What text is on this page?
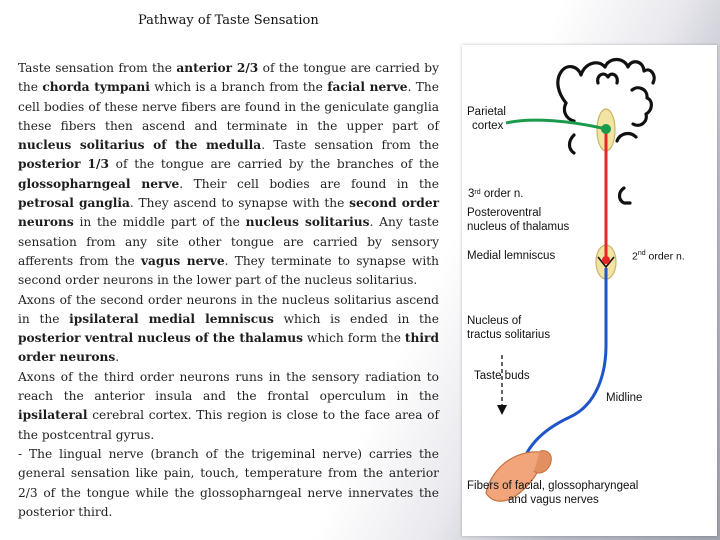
Pathway of Taste Sensation

Taste sensation from the anterior 2/3 of the tongue are carried by the chorda tympani which is a branch from the facial nerve. The cell bodies of these nerve fibers are found in the geniculate ganglia these fibers then ascend and terminate in the upper part of nucleus solitarius of the medulla. Taste sensation from the posterior 1/3 of the tongue are carried by the branches of the glossopharngeal nerve. Their cell bodies are found in the petrosal ganglia. They ascend to synapse with the second order neurons in the middle part of the nucleus solitarius. Any taste sensation from any site other tongue are carried by sensory afferents from the vagus nerve. They terminate to synapse with second order neurons in the lower part of the nucleus solitarius.

Axons of the second order neurons in the nucleus solitarius ascend in the ipsilateral medial lemniscus which is ended in the posterior ventral nucleus of the thalamus which form the third order neurons.

Axons of the third order neurons runs in the sensory radiation to reach the anterior insula and the frontal operculum in the ipsilateral cerebral cortex. This region is close to the face area of the postcentral gyrus.

- The lingual nerve (branch of the trigeminal nerve) carries the general sensation like pain, touch, temperature from the anterior 2/3 of the tongue while the glossopharngeal nerve innervates the posterior third.

Parietal
cortex
3rd order n.
Posteroventral
nucleus of thalamus
Medial lemniscus
Nucleus of
tractus solitarius
Taste buds
Midline
Fibers of facial, glossopharyngeal
and vagus nerves
2nd order n.
